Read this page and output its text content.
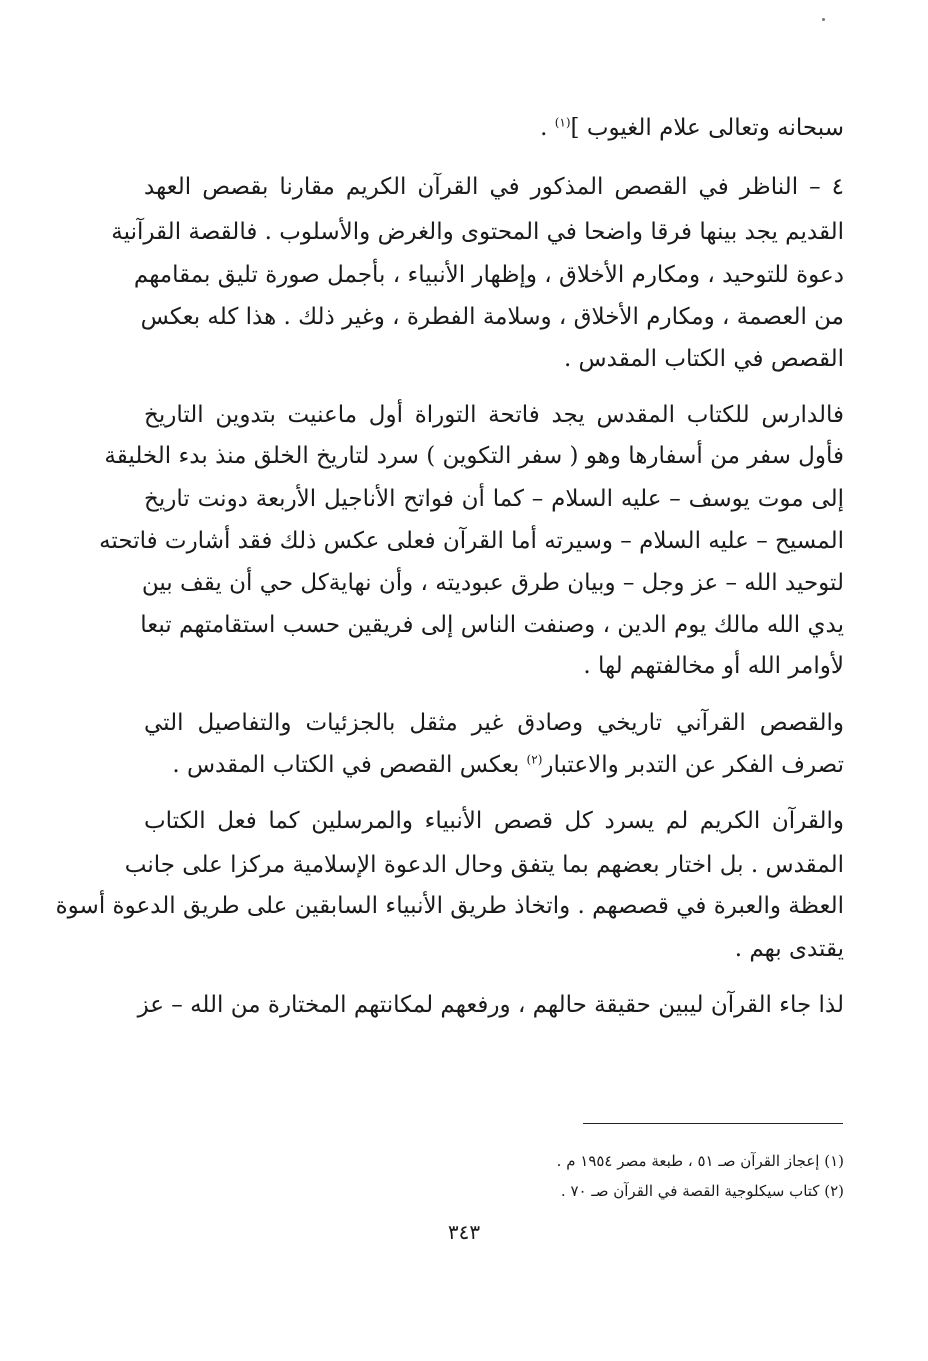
سبحانه وتعالى علام الغيوب ]$^{(١)}$ .
٤ – الناظر في القصص المذكور في القرآن الكريم مقارنا بقصص العهد
القديم يجد بينها فرقا واضحا في المحتوى والغرض والأسلوب . فالقصة القرآنية
دعوة للتوحيد ، ومكارم الأخلاق ، وإظهار الأنبياء ، بأجمل صورة تليق بمقامهم
من العصمة ، ومكارم الأخلاق ، وسلامة الفطرة ، وغير ذلك . هذا كله بعكس
القصص في الكتاب المقدس .
فالدارس للكتاب المقدس يجد فاتحة التوراة أول ماعنيت بتدوين التاريخ
فأول سفر من أسفارها وهو ( سفر التكوين ) سرد لتاريخ الخلق منذ بدء الخليقة
إلى موت يوسف – عليه السلام – كما أن فواتح الأناجيل الأربعة دونت تاريخ
المسيح – عليه السلام – وسيرته أما القرآن فعلى عكس ذلك فقد أشارت فاتحته
لتوحيد الله – عز وجل – وبيان طرق عبوديته ، وأن نهايةكل حي أن يقف بين
يدي الله مالك يوم الدين ، وصنفت الناس إلى فريقين حسب استقامتهم تبعا
لأوامر الله أو مخالفتهم لها .
والقصص القرآني تاريخي وصادق غير مثقل بالجزئيات والتفاصيل التي
تصرف الفكر عن التدبر والاعتبار$^{(٢)}$ بعكس القصص في الكتاب المقدس .
والقرآن الكريم لم يسرد كل قصص الأنبياء والمرسلين كما فعل الكتاب
المقدس . بل اختار بعضهم بما يتفق وحال الدعوة الإسلامية مركزا على جانب
العظة والعبرة في قصصهم . واتخاذ طريق الأنبياء السابقين على طريق الدعوة أسوة
يقتدى بهم .
لذا جاء القرآن ليبين حقيقة حالهم ، ورفعهم لمكانتهم المختارة من الله – عز
(١) إعجاز القرآن صـ ٥١ ، طبعة مصر ١٩٥٤ م .
(٢) كتاب سيكلوجية القصة في القرآن صـ ٧٠ .
٣٤٣
